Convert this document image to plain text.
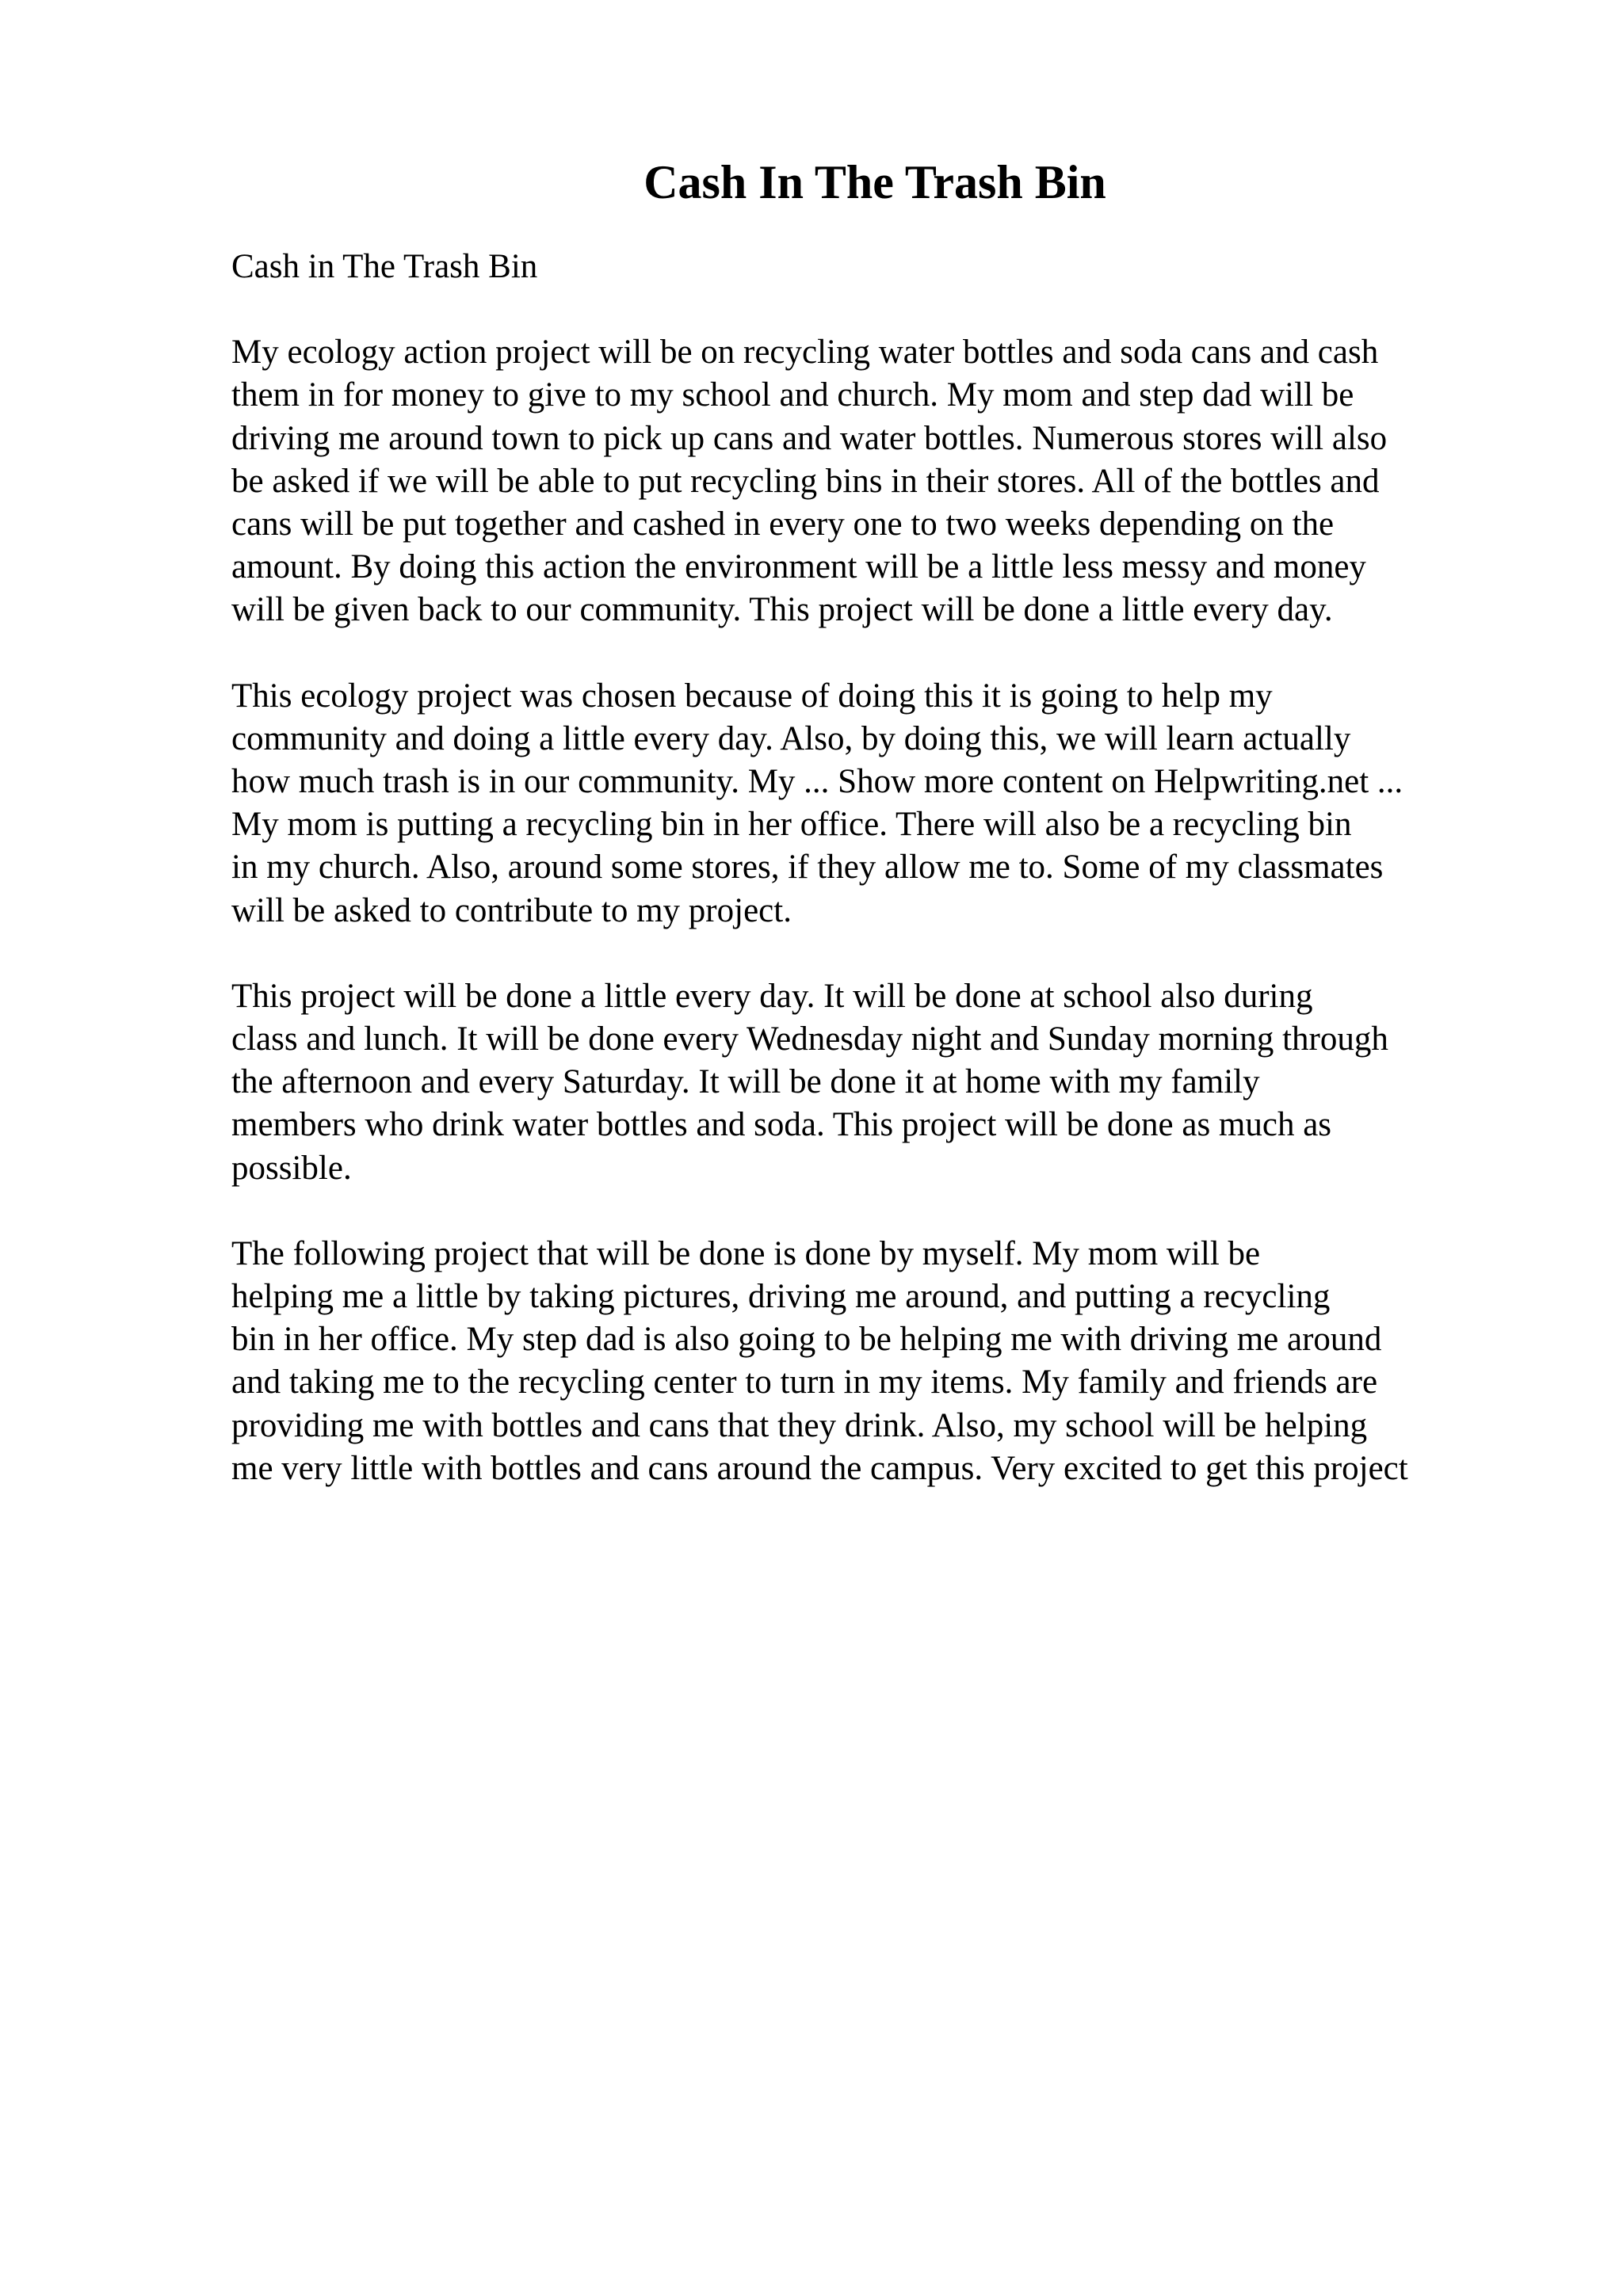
Cash In The Trash Bin

Cash in The Trash Bin

My ecology action project will be on recycling water bottles and soda cans and cash
them in for money to give to my school and church. My mom and step dad will be
driving me around town to pick up cans and water bottles. Numerous stores will also
be asked if we will be able to put recycling bins in their stores. All of the bottles and
cans will be put together and cashed in every one to two weeks depending on the
amount. By doing this action the environment will be a little less messy and money
will be given back to our community. This project will be done a little every day.

This ecology project was chosen because of doing this it is going to help my
community and doing a little every day. Also, by doing this, we will learn actually
how much trash is in our community. My ... Show more content on Helpwriting.net ...
My mom is putting a recycling bin in her office. There will also be a recycling bin
in my church. Also, around some stores, if they allow me to. Some of my classmates
will be asked to contribute to my project.

This project will be done a little every day. It will be done at school also during
class and lunch. It will be done every Wednesday night and Sunday morning through
the afternoon and every Saturday. It will be done it at home with my family
members who drink water bottles and soda. This project will be done as much as
possible.

The following project that will be done is done by myself. My mom will be
helping me a little by taking pictures, driving me around, and putting a recycling
bin in her office. My step dad is also going to be helping me with driving me around
and taking me to the recycling center to turn in my items. My family and friends are
providing me with bottles and cans that they drink. Also, my school will be helping
me very little with bottles and cans around the campus. Very excited to get this project
